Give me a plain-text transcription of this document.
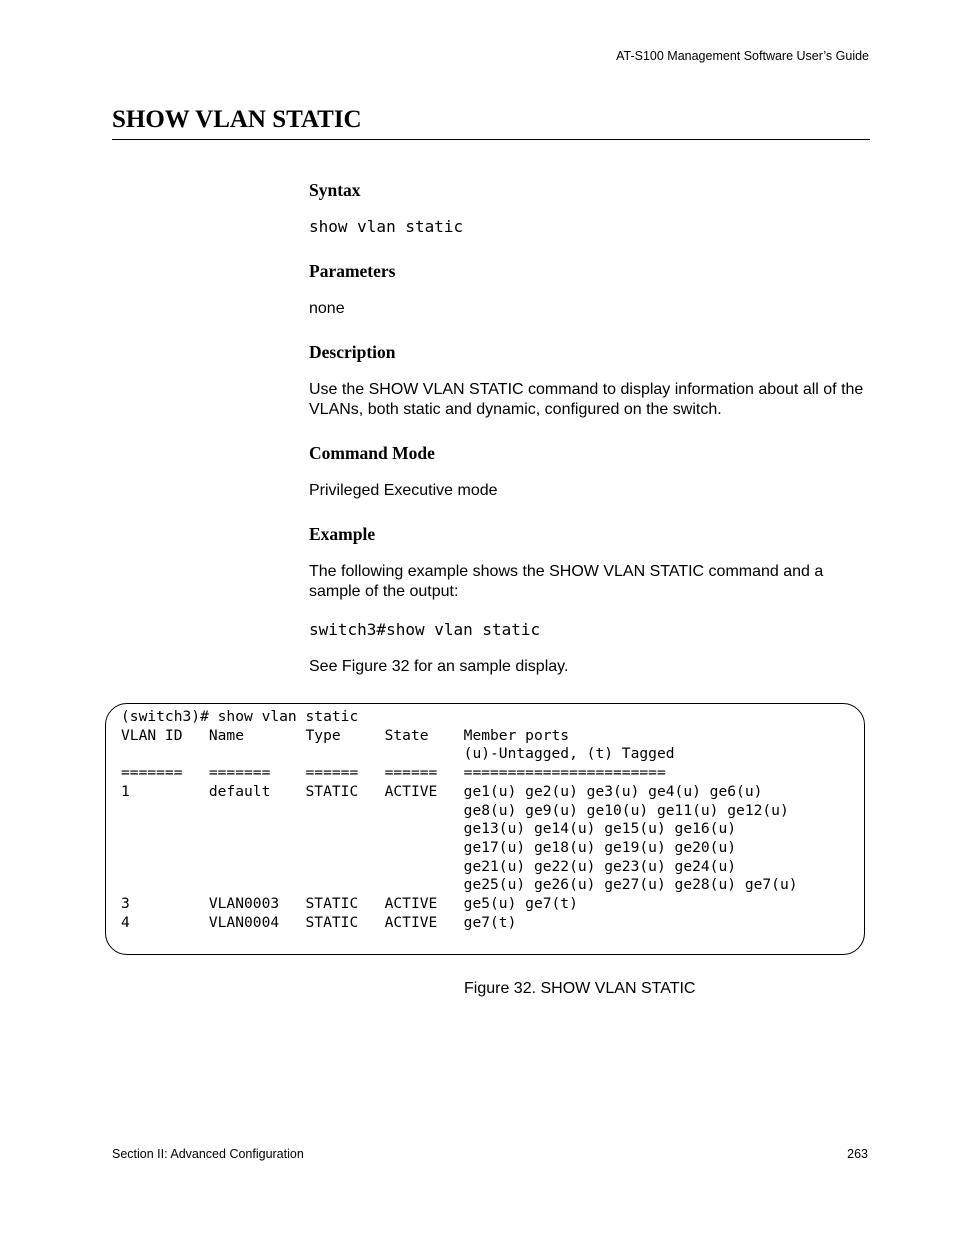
AT-S100 Management Software User’s Guide
SHOW VLAN STATIC
Syntax
show vlan static
Parameters
none
Description
Use the SHOW VLAN STATIC command to display information about all of the VLANs, both static and dynamic, configured on the switch.
Command Mode
Privileged Executive mode
Example
The following example shows the SHOW VLAN STATIC command and a sample of the output:
switch3#show vlan static
See Figure 32 for an sample display.
(switch3)# show vlan static
VLAN ID   Name       Type     State    Member ports
(u)-Untagged, (t) Tagged
=======   =======    ======   ======   =======================
1         default    STATIC   ACTIVE   ge1(u) ge2(u) ge3(u) ge4(u) ge6(u)
ge8(u) ge9(u) ge10(u) ge11(u) ge12(u)
ge13(u) ge14(u) ge15(u) ge16(u)
ge17(u) ge18(u) ge19(u) ge20(u)
ge21(u) ge22(u) ge23(u) ge24(u)
ge25(u) ge26(u) ge27(u) ge28(u) ge7(u)
3         VLAN0003   STATIC   ACTIVE   ge5(u) ge7(t)
4         VLAN0004   STATIC   ACTIVE   ge7(t)
Figure 32. SHOW VLAN STATIC
Section II: Advanced Configuration	263
